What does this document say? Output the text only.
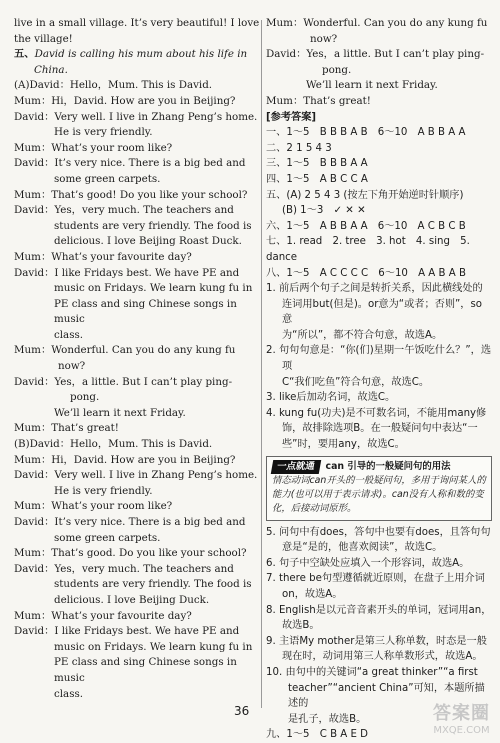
live in a small village. It’s very beautiful! I love

the village!

五、David is calling his mum about his life in

China.

(A)David：Hello，Mum. This is David.

Mum：Hi，David. How are you in Beijing?

David：Very well. I live in Zhang Peng’s home.

He is very friendly.

Mum：What’s your room like?

David：It’s very nice. There is a big bed and

some green carpets.

Mum：That’s good! Do you like your school?

David：Yes，very much. The teachers and

students are very friendly. The food is

delicious. I love Beijing Roast Duck.

Mum：What’s your favourite day?

David：I like Fridays best. We have PE and

music on Fridays. We learn kung fu in

PE class and sing Chinese songs in music

class.

Mum：Wonderful. Can you do any kung fu now?

David：Yes，a little. But I can’t play ping-pong.

We’ll learn it next Friday.

Mum：That’s great!

(B)David：Hello，Mum. This is David.

Mum：Hi，David. How are you in Beijing?

David：Very well. I live in Zhang Peng’s home.

He is very friendly.

Mum：What’s your room like?

David：It’s very nice. There is a big bed and

some green carpets.

Mum：That’s good. Do you like your school?

David：Yes，very much. The teachers and

students are very friendly. The food is

delicious. I love Beijing Duck.

Mum：What’s your favourite day?

David：I like Fridays best. We have PE and

music on Fridays. We learn kung fu in

PE class and sing Chinese songs in music

class.

Mum：Wonderful. Can you do any kung fu now?

David：Yes，a little. But I can’t play ping-pong.

We’ll learn it next Friday.

Mum：That’s great!

[参考答案]

一、1～5　B B B A B　6～10　A B B A A

二、2 1 5 4 3

三、1～5　B B B A A

四、1～5　A B C C A

五、(A) 2 5 4 3 (按左下角开始逆时针顺序)

(B) 1～3　✓ ✕ ✕

六、1～5　A B B A A　6～10　A C B C B

七、1. read　2. tree　3. hot　4. sing　5. dance

八、1～5　A C C C C　6～10　A A B A B

1. 前后两个句子之间是转折关系，因此横线处的

连词用but(但是)。or意为“或者；否则”，so意

为“所以”，都不符合句意，故选A。

2. 句句句意是：“你(们)星期一午饭吃什么？”，选项

C“我们吃鱼”符合句意，故选C。

3. like后加动名词，故选C。

4. kung fu(功夫)是不可数名词，不能用many修

饰，故排除选项B。在一般疑问句中表达“一

些”时，要用any，故选C。

一点就通 can 引导的一般疑问句的用法
情态动词can开头的一般疑问句，多用于询问某人的能力(也可以用于表示请求)。can没有人称和数的变化，后接动词原形。

5. 问句中有does，答句中也要有does，且答句句

意是“是的，他喜欢阅读”，故选C。

6. 句子中空缺处应填入一个形容词，故选A。

7. there be句型遵循就近原则，在盘子上用介词

on，故选A。

8. English是以元音音素开头的单词，冠词用an，

故选B。

9. 主语My mother是第三人称单数，时态是一般

现在时，动词用第三人称单数形式，故选A。

10. 由句中的关键词“a great thinker”“a first

teacher”“ancient China”可知，本题所描述的

是孔子，故选B。

九、1～5　C B A E D

36	答案圈
MXQE.COM
